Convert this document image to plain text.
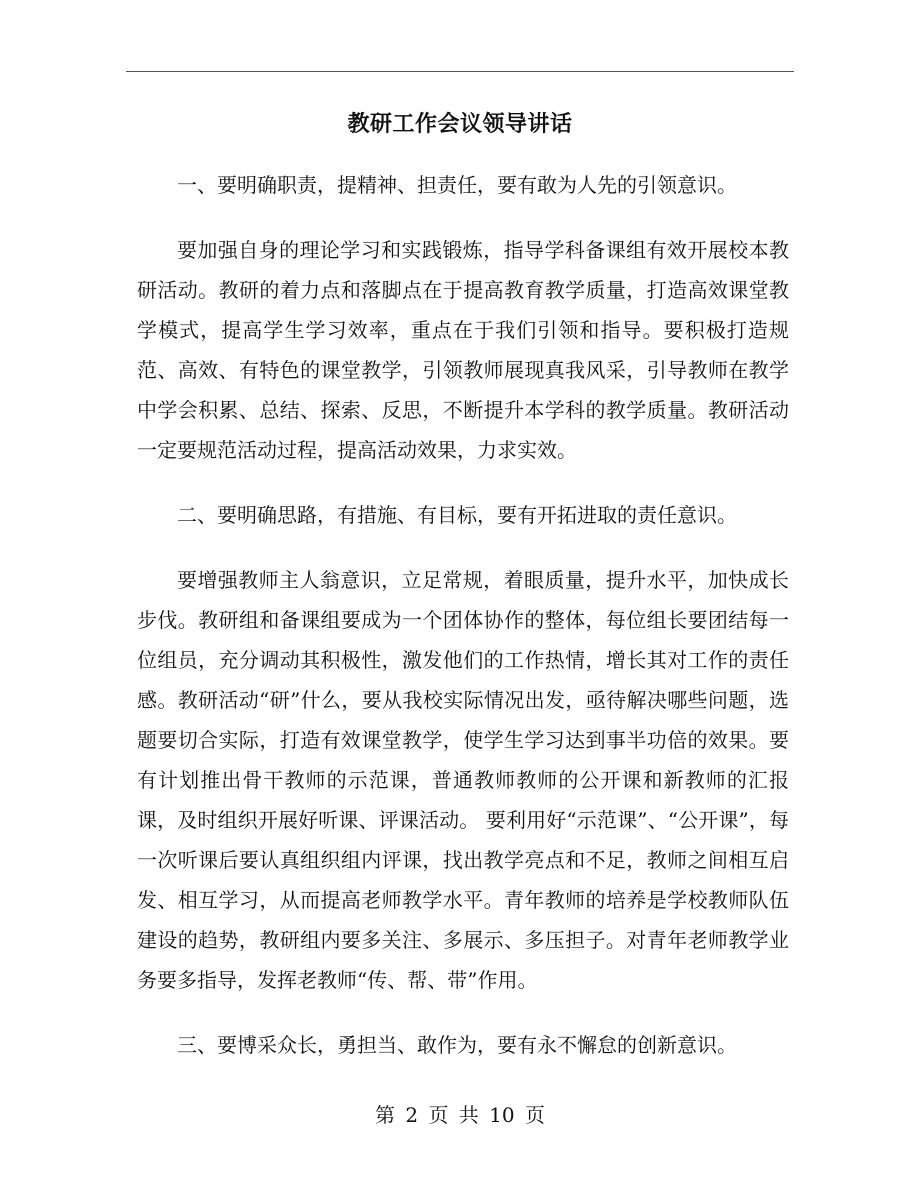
教研工作会议领导讲话

一、要明确职责，提精神、担责任，要有敢为人先的引领意识。

要加强自身的理论学习和实践锻炼，指导学科备课组有效开展校本教研活动。教研的着力点和落脚点在于提高教育教学质量，打造高效课堂教学模式，提高学生学习效率，重点在于我们引领和指导。要积极打造规范、高效、有特色的课堂教学，引领教师展现真我风采，引导教师在教学中学会积累、总结、探索、反思，不断提升本学科的教学质量。教研活动一定要规范活动过程，提高活动效果，力求实效。

二、要明确思路，有措施、有目标，要有开拓进取的责任意识。

要增强教师主人翁意识，立足常规，着眼质量，提升水平，加快成长步伐。教研组和备课组要成为一个团体协作的整体，每位组长要团结每一位组员，充分调动其积极性，激发他们的工作热情，增长其对工作的责任感。教研活动“研”什么，要从我校实际情况出发，亟待解决哪些问题，选题要切合实际，打造有效课堂教学，使学生学习达到事半功倍的效果。要有计划推出骨干教师的示范课，普通教师教师的公开课和新教师的汇报课，及时组织开展好听课、评课活动。 要利用好“示范课”、“公开课”，每一次听课后要认真组织组内评课，找出教学亮点和不足，教师之间相互启发、相互学习，从而提高老师教学水平。青年教师的培养是学校教师队伍建设的趋势，教研组内要多关注、多展示、多压担子。对青年老师教学业务要多指导，发挥老教师“传、帮、带”作用。

三、要博采众长，勇担当、敢作为，要有永不懈怠的创新意识。

第 2 页 共 10 页
